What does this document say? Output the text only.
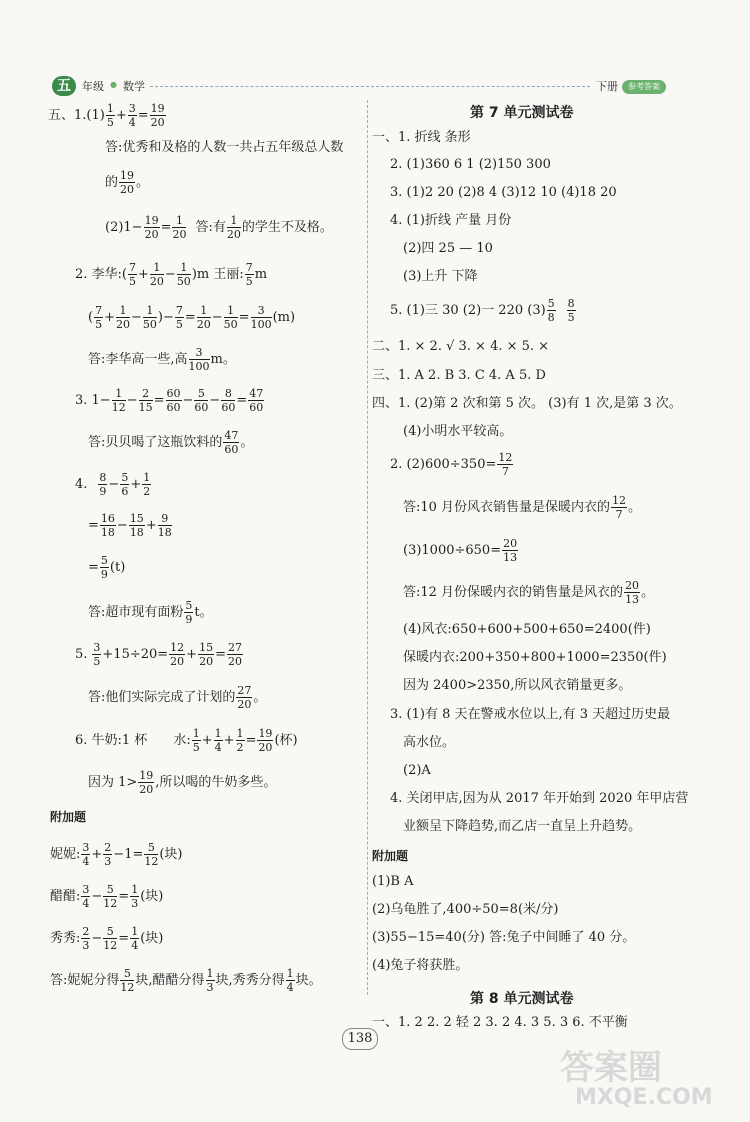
五	年级 ● 数学	下册	参考答案
五、1.(1) 1
$5 + \frac{3}{4} = \frac{19}{20}$
答:优秀和及格的人数一共占五年级总人数
的 19
20 。
$(2)1- \frac{19}{20} = \frac{1}{20}$ 答:有 1
20 的学生不及格。
2. 李华:( 7
5 + 1
20 − 1
50 )m 王丽: 7
5 m
( 7
5 + 1
20 − 1
50 )− $\frac{7}{5} = 1$
20 − 1
50 = 3
100 (m)
答:李华高一些,高 3
100 m。
3. $1- \frac{1}{12} - 2$
15 = 60
60 − 5
60 − 8
60 = 47
60
答:贝贝喝了这瓶饮料的 47
60 。
4. 8
9 − 5
6 + 1
2
= $\frac{16}{18} - 15$
18 + 9
18
= $\frac{5}{9} (t)$
答:超市现有面粉 5
9 t。
5. 3
$5 +15\div 20= \frac{12}{20} + 15$
20 = 27
20
答:他们实际完成了计划的 27
20 。
6. 牛奶:1 杯 水: 1
5 + 1
4 + 1
2 = 19
20 (杯)
因为 1> 19
20 ,所以喝的牛奶多些。
附加题
妮妮: 3
4 + 2
3 −1= 5
12 (块)
醋醋: 3
4 − 5
12 = 1
3 (块)
秀秀: 2
3 − 5
12 = 1
4 (块)
答:妮妮分得 5
12 块,醋醋分得 1
3 块,秀秀分得 1
4 块。
第 7 单元测试卷
一、1. 折线 条形
2. (1)360 6 1 (2)150 300
3. (1)2 20 (2)8 4 (3)12 10 (4)18 20
4. (1)折线 产量 月份
(2)四 25 — 10
(3)上升 下降
5. (1)三 30 (2)一 220 (3) 5
8
8
5
二、1. × 2. √ 3. × 4. × 5. ×
三、1. A 2. B 3. C 4. A 5. D
四、1. (2)第 2 次和第 5 次。 (3)有 1 次,是第 3 次。
(4)小明水平较高。
2. $(2)600\div 350= \frac{12}{7}$
答:10 月份风衣销售量是保暖内衣的 12
7 。
$(3)1000\div 650= \frac{20}{13}$
答:12 月份保暖内衣的销售量是风衣的 20
13 。
(4)风衣:650+600+500+650=2400(件)
保暖内衣:200+350+800+1000=2350(件)
因为 2400>2350,所以风衣销量更多。
3. (1)有 8 天在警戒水位以上,有 3 天超过历史最
高水位。
(2)A
4. 关闭甲店,因为从 2017 年开始到 2020 年甲店营
业额呈下降趋势,而乙店一直呈上升趋势。
附加题
(1)B A
(2)乌龟胜了,400÷50=8(米/分)
(3)55−15=40(分) 答:兔子中间睡了 40 分。
(4)兔子将获胜。
第 8 单元测试卷
一、1. 2 2. 2 轻 2 3. 2 4. 3 5. 3 6. 不平衡
138
答案圈
MXQE.COM
